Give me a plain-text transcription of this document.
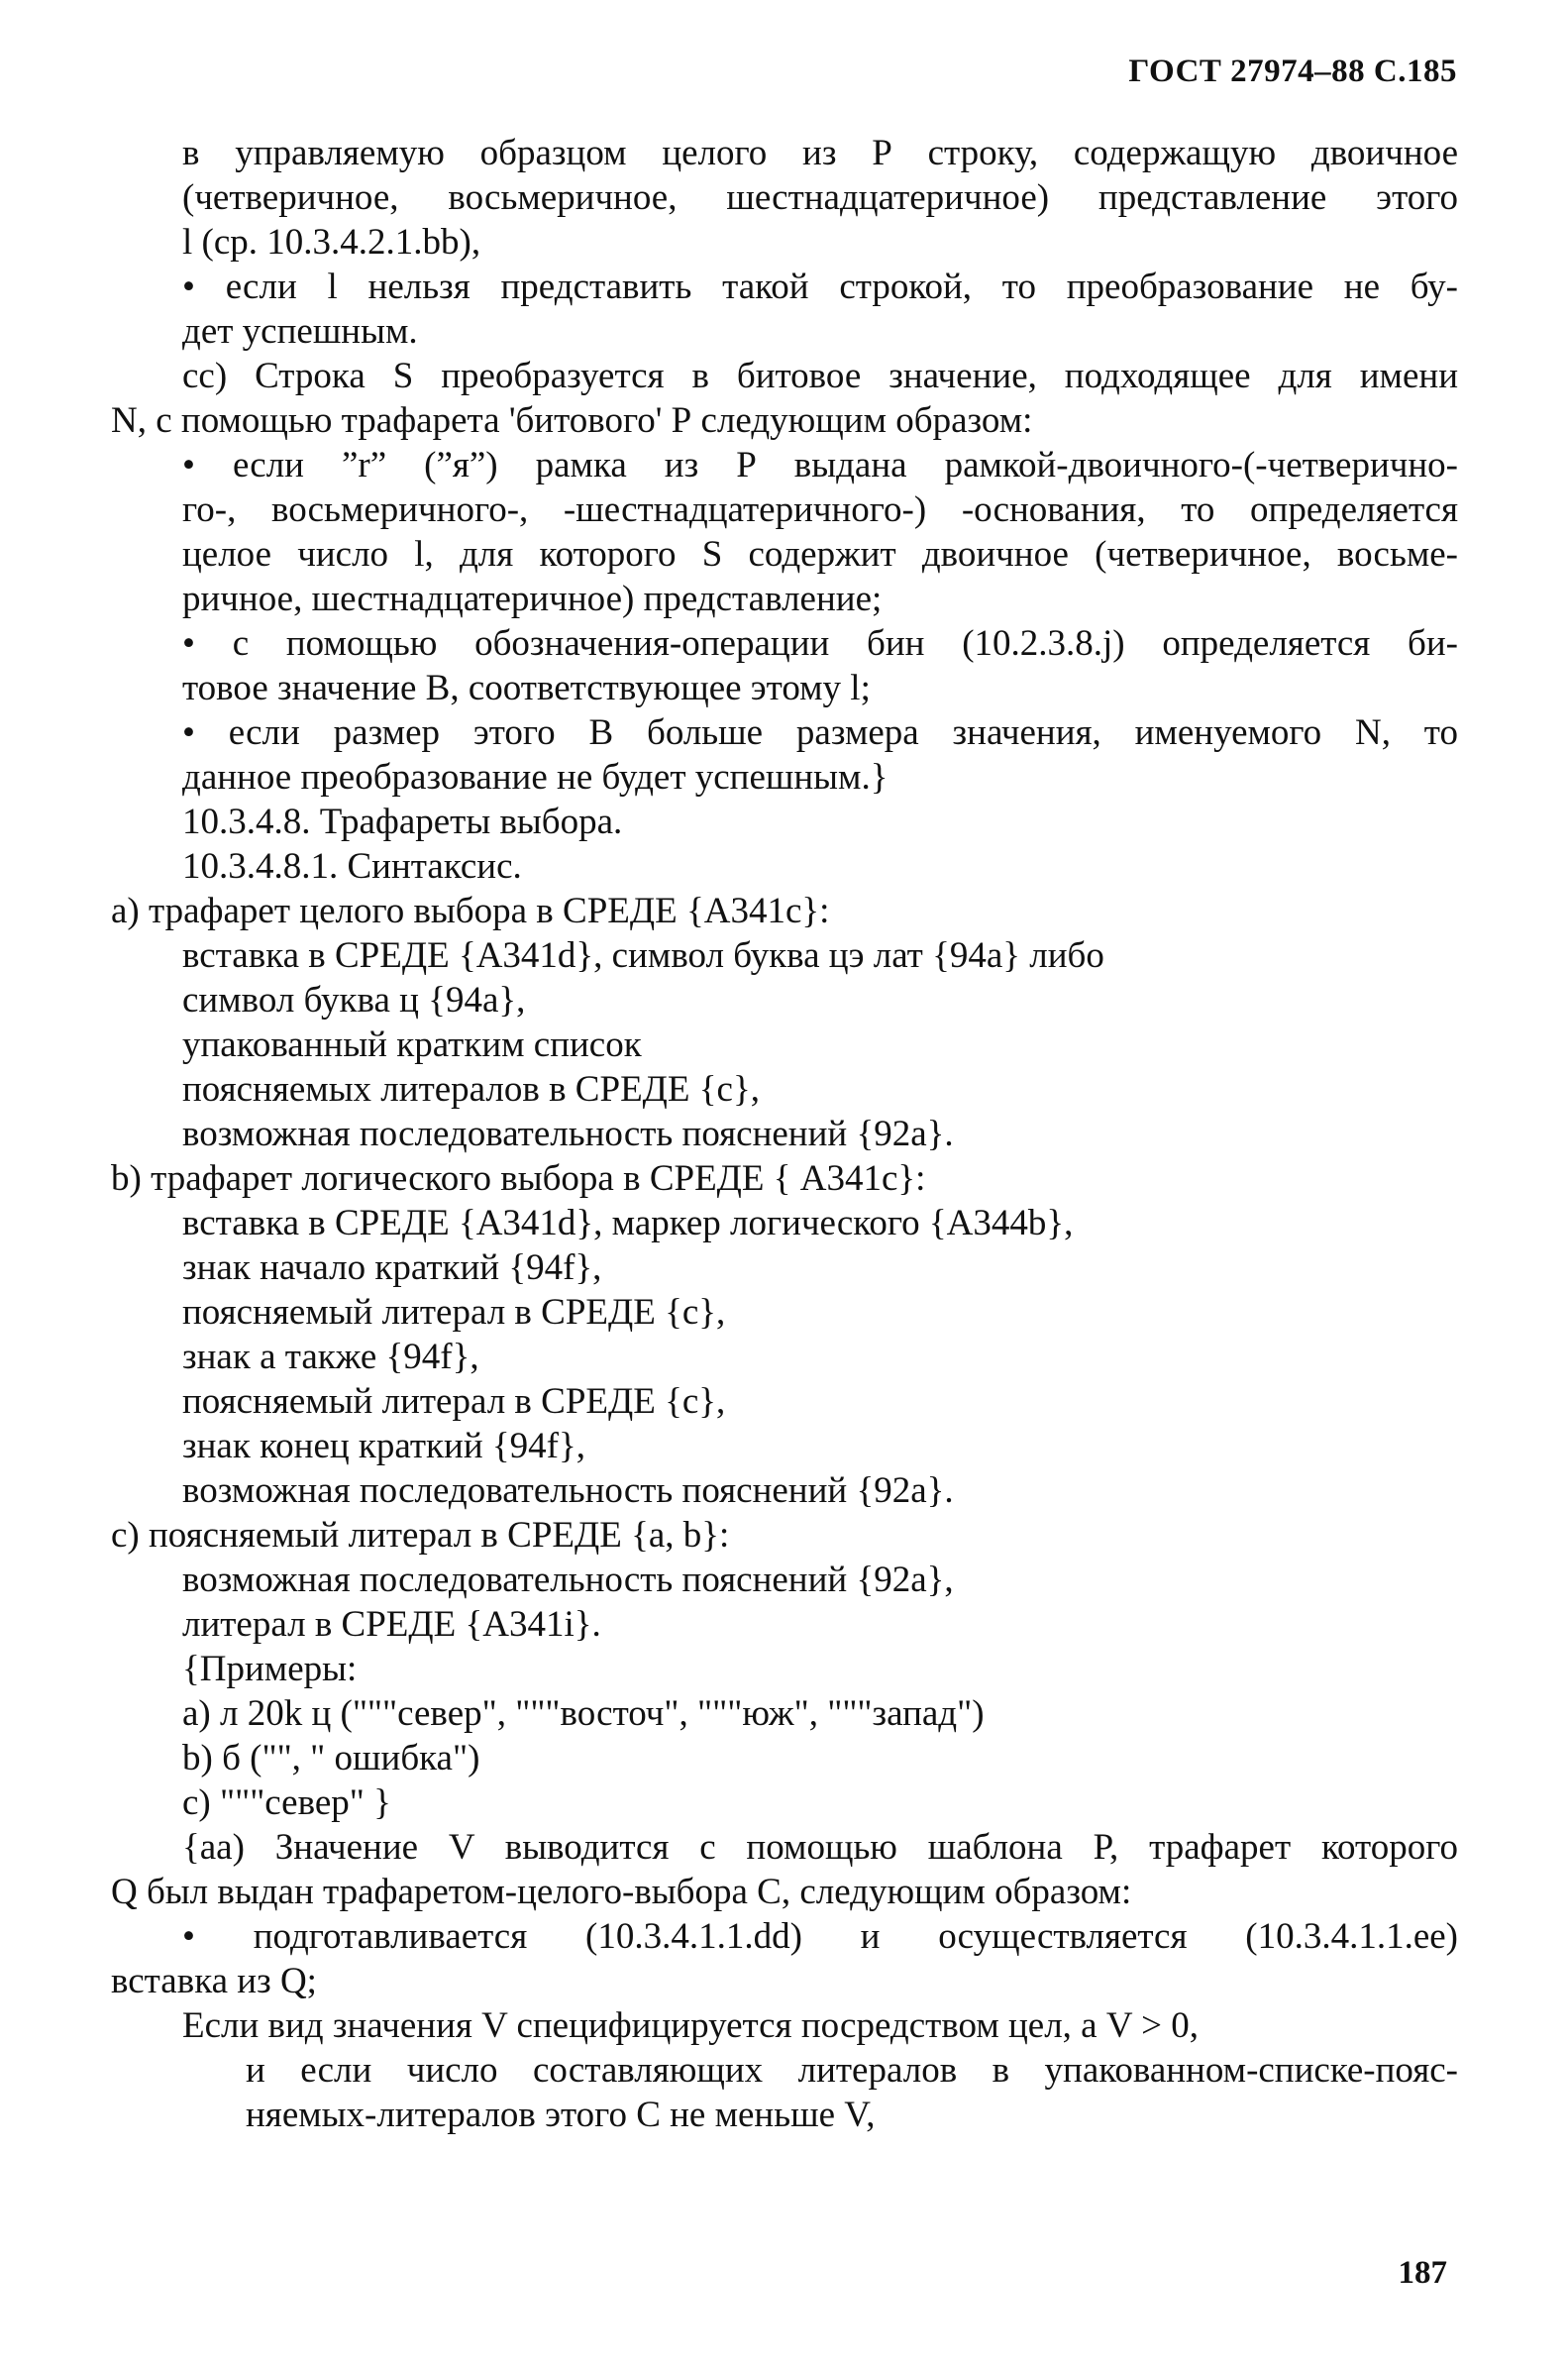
ГОСТ 27974–88 С.185
в управляемую образцом целого из Р строку, содержащую двоичное
(четверичное, восьмеричное, шестнадцатеричное) представление этого
l (ср. 10.3.4.2.1.bb),
• если l нельзя представить такой строкой, то преобразование не бу-
дет успешным.
cc) Строка S преобразуется в битовое значение, подходящее для имени
N, с помощью трафарета 'битового' Р следующим образом:
• если ”r” (”я”) рамка из Р выдана рамкой-двоичного-(-четверично-
го-, восьмеричного-, -шестнадцатеричного-) -основания, то определяется
целое число l, для которого S содержит двоичное (четверичное, восьме-
ричное, шестнадцатеричное) представление;
• с помощью обозначения-операции бин (10.2.3.8.j) определяется би-
товое значение В, соответствующее этому l;
• если размер этого В больше размера значения, именуемого N, то
данное преобразование не будет успешным.}
10.3.4.8. Трафареты выбора.
10.3.4.8.1. Синтаксис.
a) трафарет целого выбора в СРЕДЕ {A341c}:
вставка в СРЕДЕ {A341d}, символ буква цэ лат {94a} либо
символ буква ц {94a},
упакованный кратким список
поясняемых литералов в СРЕДЕ {c},
возможная последовательность пояснений {92a}.
b) трафарет логического выбора в СРЕДЕ { A341c}:
вставка в СРЕДЕ {A341d}, маркер логического {A344b},
знак начало краткий {94f},
поясняемый литерал в СРЕДЕ {c},
знак а также {94f},
поясняемый литерал в СРЕДЕ {c},
знак конец краткий {94f},
возможная последовательность пояснений {92a}.
c) поясняемый литерал в СРЕДЕ {a, b}:
возможная последовательность пояснений {92a},
литерал в СРЕДЕ {A341i}.
{Примеры:
a) л 20k ц ("""север", """восточ", """юж", """запад")
b) б ("", " ошибка")
c) """север" }
{aa) Значение V выводится с помощью шаблона P, трафарет которого
Q был выдан трафаретом-целого-выбора С, следующим образом:
• подготавливается (10.3.4.1.1.dd) и осуществляется (10.3.4.1.1.ee)
вставка из Q;
Если вид значения V специфицируется посредством цел, а V > 0,
и если число составляющих литералов в упакованном-списке-пояс-
няемых-литералов этого С не меньше V,
187
